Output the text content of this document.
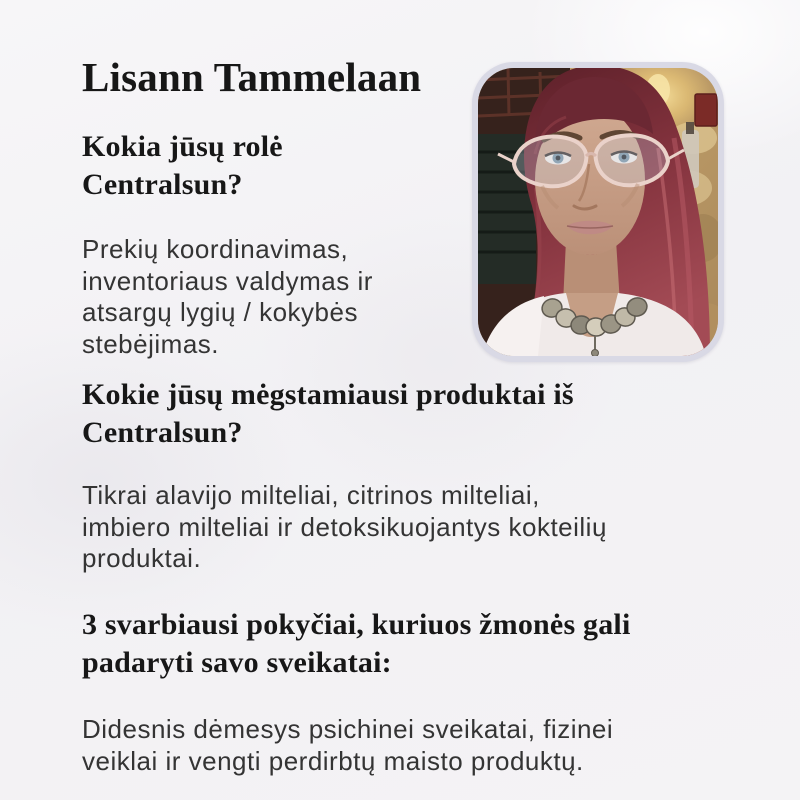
Lisann Tammelaan
Kokia jūsų rolė
Centralsun?
Prekių koordinavimas,
inventoriaus valdymas ir
atsargų lygių / kokybės
stebėjimas.
Kokie jūsų mėgstamiausi produktai iš
Centralsun?
Tikrai alavijo milteliai, citrinos milteliai,
imbiero milteliai ir detoksikuojantys kokteilių
produktai.
3 svarbiausi pokyčiai, kuriuos žmonės gali
padaryti savo sveikatai:
Didesnis dėmesys psichinei sveikatai, fizinei
veiklai ir vengti perdirbtų maisto produktų.
